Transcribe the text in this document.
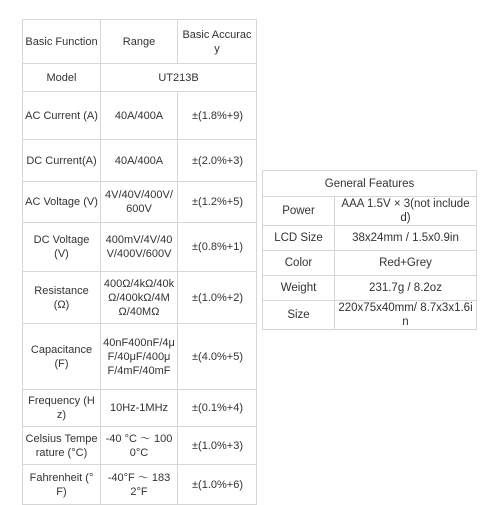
Basic Function	Range	Basic Accuracy
Model	UT213B	
AC Current (A)	40A/400A	±(1.8%+9)
DC Current(A)	40A/400A	±(2.0%+3)
AC Voltage (V)	4V/40V/400V/600V	±(1.2%+5)
DC Voltage (V)	400mV/4V/40V/400V/600V	±(0.8%+1)
Resistance (Ω)	400Ω/4kΩ/40kΩ/400kΩ/4MΩ/40MΩ	±(1.0%+2)
Capacitance (F)	40nF400nF/4μF/40μF/400μF/4mF/40mF	±(4.0%+5)
Frequency (Hz)	10Hz-1MHz	±(0.1%+4)
Celsius Temperature (°C)	-40 °C ～ 1000°C	±(1.0%+3)
Fahrenheit (°F)	-40°F ～ 1832°F	±(1.0%+6)
General Features	
Power	AAA 1.5V × 3(not included)
LCD Size	38x24mm / 1.5x0.9in
Color	Red+Grey
Weight	231.7g / 8.2oz
Size	220x75x40mm/ 8.7x3x1.6in
